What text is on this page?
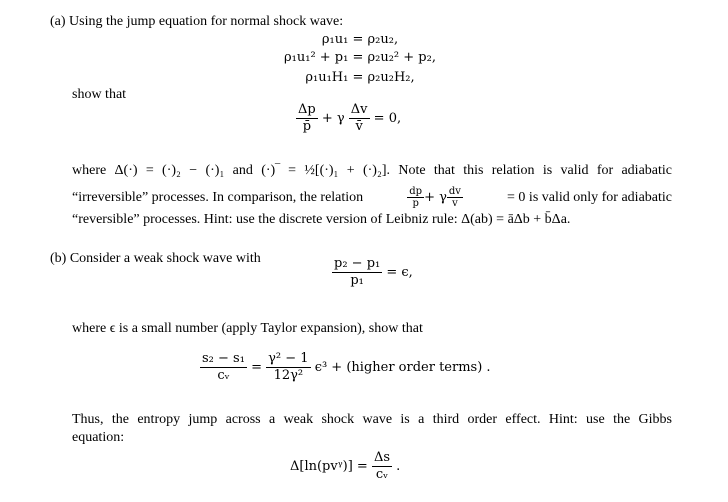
(a) Using the jump equation for normal shock wave:
ρ₁u₁ = ρ₂u₂,
ρ₁u₁² + p₁ = ρ₂u₂² + p₂,
ρ₁u₁H₁ = ρ₂u₂H₂,
show that
$\frac{\Delta p}{p̄} + \gamma \frac{\Delta v}{v̄} = 0$,
where Δ(·) = (·)₂ − (·)₁ and (·)‾ = ½[(·)₁ + (·)₂]. Note that this relation is valid for adiabatic
“irreversible” processes. In comparison, the relation	$\frac{dp}{p} + \gamma \frac{dv}{v}$	= 0 is valid only for adiabatic
“reversible” processes. Hint: use the discrete version of Leibniz rule: Δ(ab) = āΔb + b̄Δa.
(b) Consider a weak shock wave with	$\frac{\text{p₂ − p₁}}{\text{p₁}} = \epsilon$,
where ϵ is a small number (apply Taylor expansion), show that
$\frac{\text{s₂ − s₁}}{\text{cᵥ}} = \frac{\text{γ² − 1}}{\text{12γ²}} \epsilon^3$ + (higher order terms) .
Thus, the entropy jump across a weak shock wave is a third order effect. Hint: use the Gibbs
equation:
Δ[ln(pvᵞ)] = $\frac{\Delta s}{\text{cᵥ}}$ .
